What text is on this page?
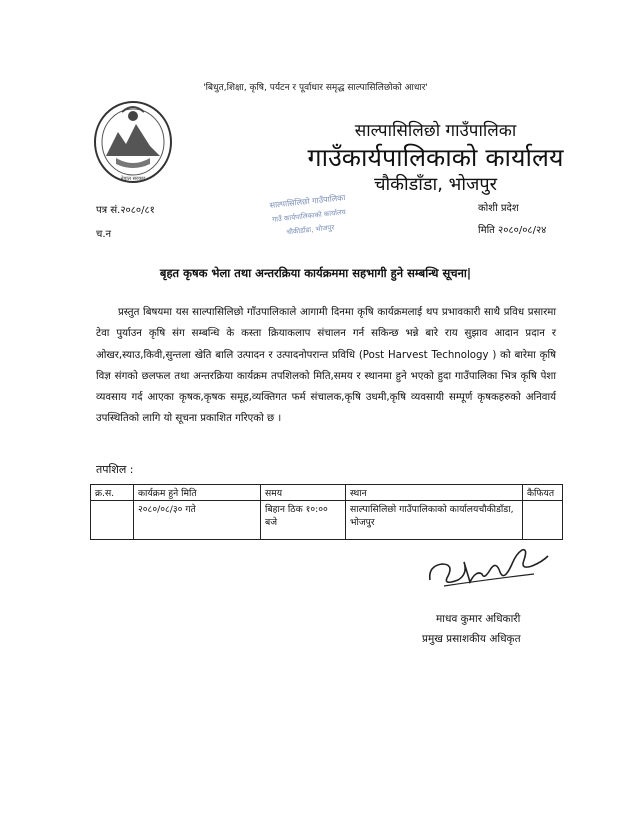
'बिधुत,शिक्षा, कृषि, पर्यटन र पूर्वाधार समृद्ध साल्पासिलिछोको आधार'
नेपाल सरकार
साल्पासिलिछो गाउँपालिका
गाउँकार्यपालिकाको कार्यालय
चौकीडाँडा, भोजपुर
साल्पासिलिछो गाउँपालिका
गाउँ कार्यपालिकाको कार्यालय
चौकीडाँडा, भोजपुर
पत्र सं.२०८०/८१
च.न
कोशी प्रदेश
मिति २०८०/०८/२४
बृहत कृषक भेला तथा अन्तरक्रिया कार्यक्रममा सहभागी हुने सम्बन्धि सूचना|
प्रस्तुत बिषयमा यस साल्पासिलिछो गाँउपालिकाले आगामी दिनमा कृषि कार्यक्रमलाई थप प्रभावकारी साथै प्रविध प्रसारमा टेवा पुर्याउन कृषि संग सम्बन्धि के कस्ता क्रियाकलाप संचालन गर्न सकिन्छ भन्ने बारे राय सुझाव आदान प्रदान र ओखर,स्याउ,किवी,सुन्तला खेति बालि उत्पादन र उत्पादनोपरान्त प्रविधि (Post Harvest Technology ) को बारेमा कृषि विज्ञ संगको छलफल तथा अन्तरक्रिया कार्यक्रम तपशिलको मिति,समय र स्थानमा हुने भएको हुदा गाउँपालिका भित्र कृषि पेशा व्यवसाय गर्द आएका कृषक,कृषक समूह,व्यक्तिगत फर्म संचालक,कृषि उधमी,कृषि व्यवसायी सम्पूर्ण कृषकहरुको अनिवार्य उपस्थितिको लागि यो सूचना प्रकाशित गरिएको छ ।
तपशिल :
क्र.स.	कार्यक्रम हुने मिति	समय	स्थान	कैफियत
	२०८०/०८/३० गते	बिहान ठिक १०:०० बजे	साल्पासिलिछो गाउँपालिकाको कार्यालयचौकीडाँडा, भोजपुर	
माधव कुमार अधिकारी
प्रमुख प्रसाशकीय अधिकृत
